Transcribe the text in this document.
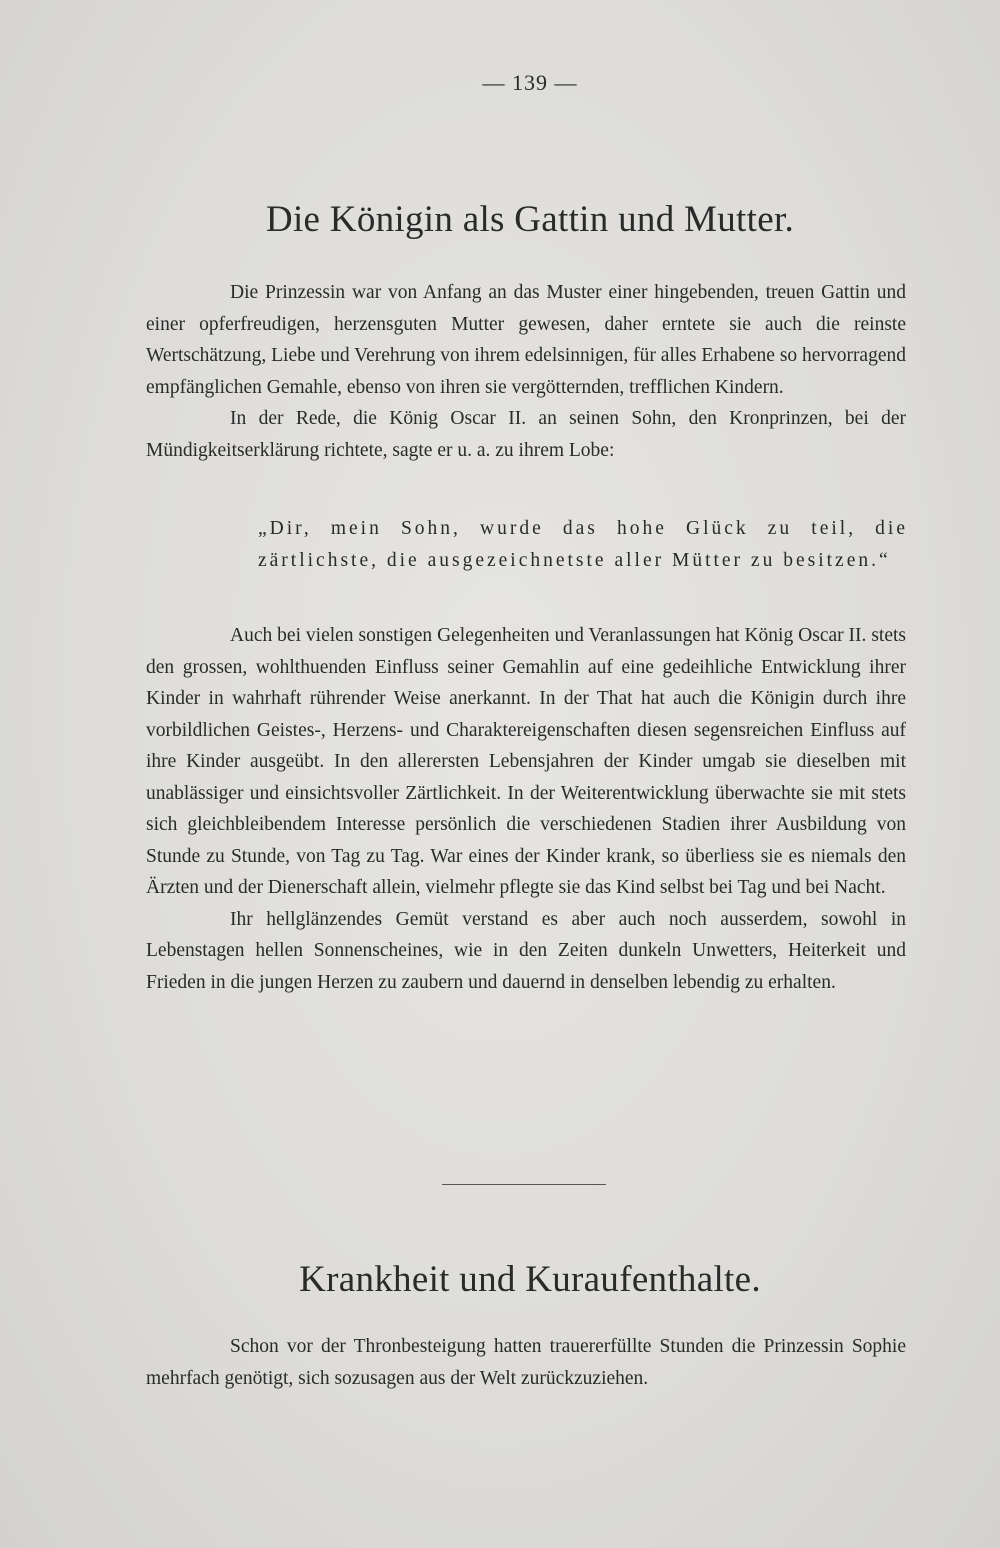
— 139 —
Die Königin als Gattin und Mutter.

Die Prinzessin war von Anfang an das Muster einer hingebenden, treuen Gattin und einer opferfreudigen, herzensguten Mutter gewesen, daher erntete sie auch die reinste Wertschätzung, Liebe und Verehrung von ihrem edelsinnigen, für alles Erhabene so hervorragend empfänglichen Gemahle, ebenso von ihren sie vergötternden, trefflichen Kindern.

In der Rede, die König Oscar II. an seinen Sohn, den Kronprinzen, bei der Mündigkeitserklärung richtete, sagte er u. a. zu ihrem Lobe:

„Dir, mein Sohn, wurde das hohe Glück zu teil, die zärtlichste, die ausgezeichnetste aller Mütter zu besitzen.“

Auch bei vielen sonstigen Gelegenheiten und Veranlassungen hat König Oscar II. stets den grossen, wohlthuenden Einfluss seiner Gemahlin auf eine gedeihliche Entwicklung ihrer Kinder in wahrhaft rührender Weise anerkannt. In der That hat auch die Königin durch ihre vorbildlichen Geistes-, Herzens- und Charaktereigenschaften diesen segensreichen Einfluss auf ihre Kinder ausgeübt. In den allerersten Lebensjahren der Kinder umgab sie dieselben mit unablässiger und einsichtsvoller Zärtlichkeit. In der Weiterentwicklung überwachte sie mit stets sich gleichbleibendem Interesse persönlich die verschiedenen Stadien ihrer Ausbildung von Stunde zu Stunde, von Tag zu Tag. War eines der Kinder krank, so überliess sie es niemals den Ärzten und der Dienerschaft allein, vielmehr pflegte sie das Kind selbst bei Tag und bei Nacht.

Ihr hellglänzendes Gemüt verstand es aber auch noch ausserdem, sowohl in Lebenstagen hellen Sonnenscheines, wie in den Zeiten dunkeln Unwetters, Heiterkeit und Frieden in die jungen Herzen zu zaubern und dauernd in denselben lebendig zu erhalten.

Krankheit und Kuraufenthalte.

Schon vor der Thronbesteigung hatten trauererfüllte Stunden die Prinzessin Sophie mehrfach genötigt, sich sozusagen aus der Welt zurückzuziehen.
